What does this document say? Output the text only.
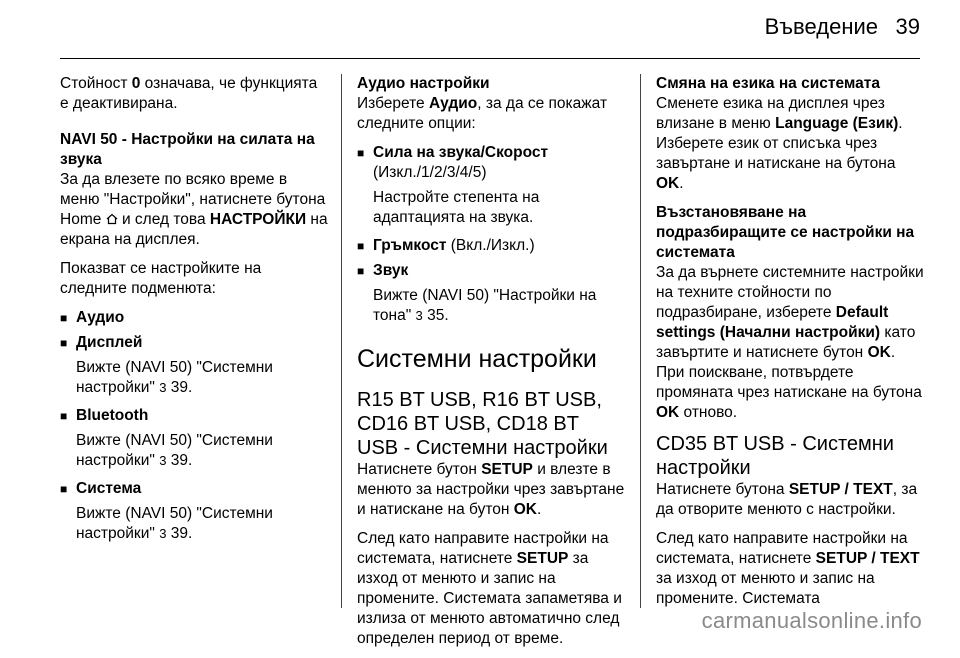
Въведение 39

Стойност 0 означава, че функцията е деактивирана.

NAVI 50 - Настройки на силата на звука
За да влезете по всяко време в меню "Настройки", натиснете бутона Home  и след това НАСТРОЙКИ на екрана на дисплея.

Показват се настройките на следните подменюта:

■ Аудио
■ Дисплей
Вижте (NAVI 50) "Системни настройки" 3 39.
■ Bluetooth
Вижте (NAVI 50) "Системни настройки" 3 39.
■ Система
Вижте (NAVI 50) "Системни настройки" 3 39.

Аудио настройки
Изберете Аудио, за да се покажат следните опции:

■ Сила на звука/Скорост (Изкл./1/2/3/4/5)
Настройте степента на адаптацията на звука.
■ Гръмкост (Вкл./Изкл.)
■ Звук
Вижте (NAVI 50) "Настройки на тона" 3 35.
Системни настройки
R15 BT USB, R16 BT USB, CD16 BT USB, CD18 BT USB - Системни настройки

Натиснете бутон SETUP и влезте в менюто за настройки чрез завъртане и натискане на бутон OK.

След като направите настройки на системата, натиснете SETUP за изход от менюто и запис на промените. Системата запаметява и излиза от менюто автоматично след определен период от време.

Смяна на езика на системата
Сменете езика на дисплея чрез влизане в меню Language (Език). Изберете език от списъка чрез завъртане и натискане на бутона OK.

Възстановяване на подразбиращите се настройки на системата
За да върнете системните настройки на техните стойности по подразбиране, изберете Default settings (Начални настройки) като завъртите и натиснете бутон OK. При поискване, потвърдете промяната чрез натискане на бутона OK отново.

CD35 BT USB - Системни настройки

Натиснете бутона SETUP / TEXT, за да отворите менюто с настройки.

След като направите настройки на системата, натиснете SETUP / TEXT за изход от менюто и запис на промените. Системата

carmanualsonline.info
